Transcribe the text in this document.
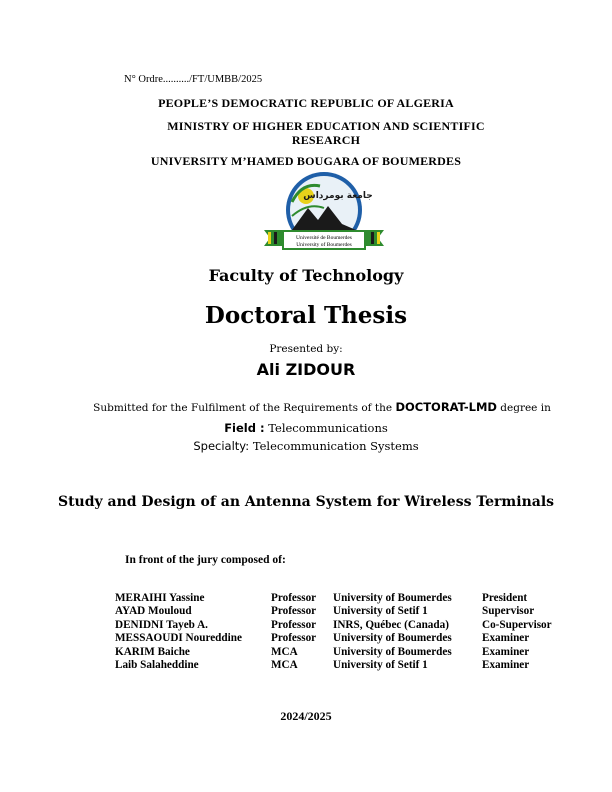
N° Ordre........../FT/UMBB/2025
PEOPLE’S DEMOCRATIC REPUBLIC OF ALGERIA
MINISTRY OF HIGHER EDUCATION AND SCIENTIFIC RESEARCH
UNIVERSITY M’HAMED BOUGARA OF BOUMERDES
جامعة بومرداس
Université de Boumerdes
University of Boumerdes
Faculty of Technology
Doctoral Thesis
Presented by:
Ali ZIDOUR
Submitted for the Fulfilment of the Requirements of the DOCTORAT-LMD degree in
Field : Telecommunications
Specialty: Telecommunication Systems
Study and Design of an Antenna System for Wireless Terminals
In front of the jury composed of:
MERAIHI Yassine	Professor	University of Boumerdes	President
AYAD Mouloud	Professor	University of Setif 1	Supervisor
DENIDNI Tayeb A.	Professor	INRS, Québec (Canada)	Co-Supervisor
MESSAOUDI Noureddine	Professor	University of Boumerdes	Examiner
KARIM Baiche	MCA	University of Boumerdes	Examiner
Laib Salaheddine	MCA	University of Setif 1	Examiner
2024/2025
